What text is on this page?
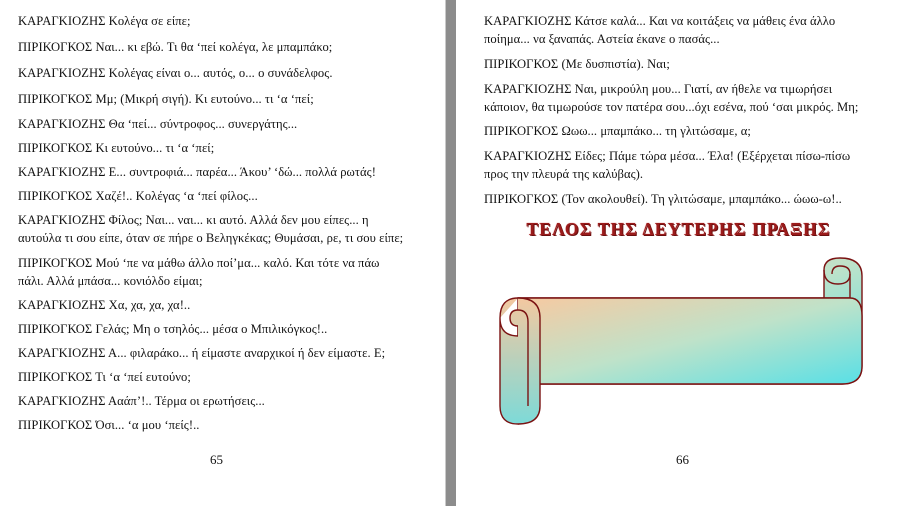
ΚΑΡΑΓΚΙΟΖΗΣ Κολέγα σε είπε;
ΠΙΡΙΚΟΓΚΟΣ Ναι... κι εβώ. Τι θα ‘πεί κολέγα, λε μπαμπάκο;
ΚΑΡΑΓΚΙΟΖΗΣ Κολέγας είναι ο... αυτός, ο... ο συνάδελφος.
ΠΙΡΙΚΟΓΚΟΣ Μμ; (Μικρή σιγή). Κι ευτούνο... τι ‘α ‘πεί;
ΚΑΡΑΓΚΙΟΖΗΣ Θα ‘πεί... σύντροφος... συνεργάτης...
ΠΙΡΙΚΟΓΚΟΣ Κι ευτούνο... τι ‘α ‘πεί;
ΚΑΡΑΓΚΙΟΖΗΣ Ε... συντροφιά... παρέα... Άκου’ ‘δώ... πολλά ρωτάς!
ΠΙΡΙΚΟΓΚΟΣ Χαζέ!.. Κολέγας ‘α ‘πεί φίλος...
ΚΑΡΑΓΚΙΟΖΗΣ Φίλος; Ναι... ναι... κι αυτό. Αλλά δεν μου είπες... η
αυτούλα τι σου είπε, όταν σε πήρε ο Βεληγκέκας; Θυμάσαι, ρε, τι σου είπε;
ΠΙΡΙΚΟΓΚΟΣ Μού ‘πε να μάθω άλλο ποί’μα... καλό. Και τότε να πάω
πάλι. Αλλά μπάσα... κονιόλδο είμαι;
ΚΑΡΑΓΚΙΟΖΗΣ Χα, χα, χα, χα!..
ΠΙΡΙΚΟΓΚΟΣ Γελάς; Μη ο τσηλός... μέσα ο Μπιλικόγκος!..
ΚΑΡΑΓΚΙΟΖΗΣ Α... φιλαράκο... ή είμαστε αναρχικοί ή δεν είμαστε. Ε;
ΠΙΡΙΚΟΓΚΟΣ Τι ‘α ‘πεί ευτούνο;
ΚΑΡΑΓΚΙΟΖΗΣ Ααάπ’!.. Τέρμα οι ερωτήσεις...
ΠΙΡΙΚΟΓΚΟΣ Όσι... ‘α μου ‘πείς!..
65
ΚΑΡΑΓΚΙΟΖΗΣ Κάτσε καλά... Και να κοιτάξεις να μάθεις ένα άλλο
ποίημα... να ξαναπάς. Αστεία έκανε ο πασάς...
ΠΙΡΙΚΟΓΚΟΣ (Με δυσπιστία). Ναι;
ΚΑΡΑΓΚΙΟΖΗΣ Ναι, μικρούλη μου... Γιατί, αν ήθελε να τιμωρήσει
κάποιον, θα τιμωρούσε τον πατέρα σου...όχι εσένα, πού ‘σαι μικρός. Μη;
ΠΙΡΙΚΟΓΚΟΣ Ωωω... μπαμπάκο... τη γλιτώσαμε, α;
ΚΑΡΑΓΚΙΟΖΗΣ Είδες; Πάμε τώρα μέσα... Έλα! (Εξέρχεται πίσω-πίσω
προς την πλευρά της καλύβας).
ΠΙΡΙΚΟΓΚΟΣ (Τον ακολουθεί). Τη γλιτώσαμε, μπαμπάκο... ώωω-ω!..
ΤΕΛΟΣ ΤΗΣ ΔΕΥΤΕΡΗΣ ΠΡΑΞΗΣ
66
